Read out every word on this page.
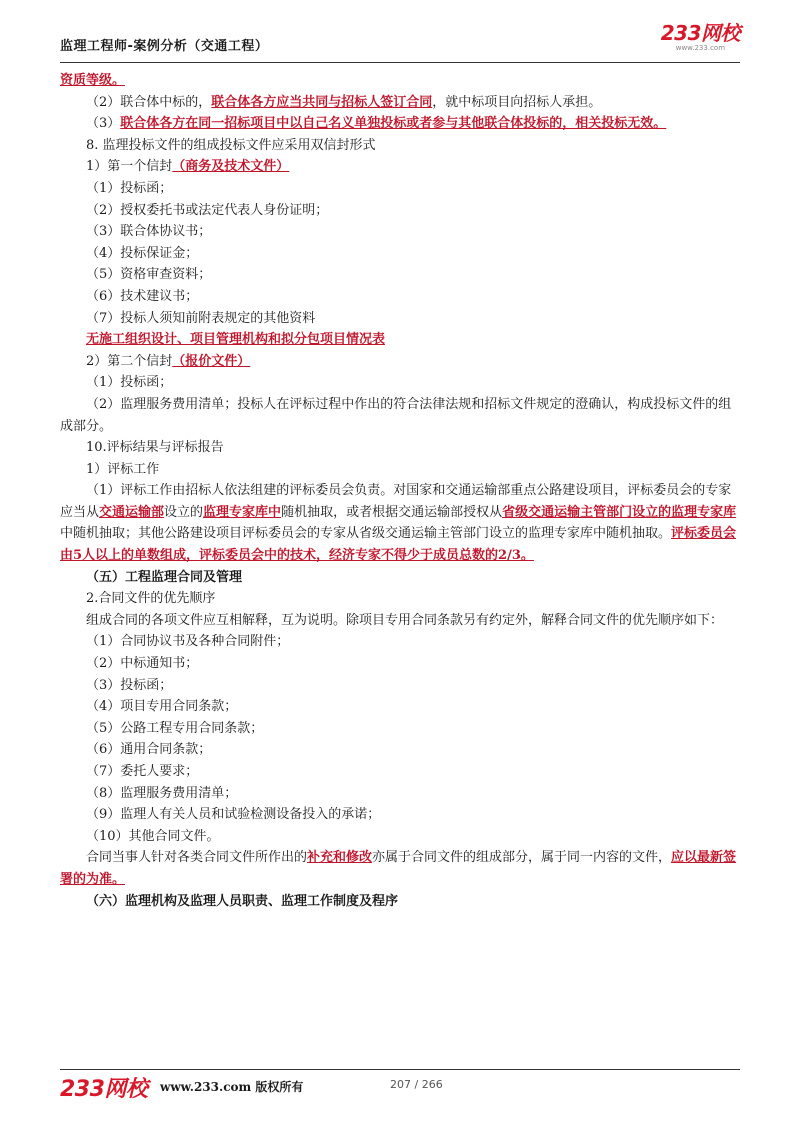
监理工程师-案例分析（交通工程）
233网校
www.233.com

资质等级。

（2）联合体中标的，联合体各方应当共同与招标人签订合同，就中标项目向招标人承担。

（3）联合体各方在同一招标项目中以自己名义单独投标或者参与其他联合体投标的，相关投标无效。

8. 监理投标文件的组成投标文件应采用双信封形式

1）第一个信封（商务及技术文件）

（1）投标函；

（2）授权委托书或法定代表人身份证明；

（3）联合体协议书；

（4）投标保证金；

（5）资格审查资料；

（6）技术建议书；

（7）投标人须知前附表规定的其他资料

无施工组织设计、项目管理机构和拟分包项目情况表

2）第二个信封（报价文件）

（1）投标函；

（2）监理服务费用清单；投标人在评标过程中作出的符合法律法规和招标文件规定的澄确认，构成投标文件的组成部分。

10.评标结果与评标报告

1）评标工作

（1）评标工作由招标人依法组建的评标委员会负责。对国家和交通运输部重点公路建设项目，评标委员会的专家应当从交通运输部设立的监理专家库中随机抽取，或者根据交通运输部授权从省级交通运输主管部门设立的监理专家库中随机抽取；其他公路建设项目评标委员会的专家从省级交通运输主管部门设立的监理专家库中随机抽取。评标委员会由5人以上的单数组成，评标委员会中的技术，经济专家不得少于成员总数的2/3。

（五）工程监理合同及管理

2.合同文件的优先顺序

组成合同的各项文件应互相解释，互为说明。除项目专用合同条款另有约定外，解释合同文件的优先顺序如下：

（1）合同协议书及各种合同附件；

（2）中标通知书；

（3）投标函；

（4）项目专用合同条款；

（5）公路工程专用合同条款；

（6）通用合同条款；

（7）委托人要求；

（8）监理服务费用清单；

（9）监理人有关人员和试验检测设备投入的承诺；

（10）其他合同文件。

合同当事人针对各类合同文件所作出的补充和修改亦属于合同文件的组成部分，属于同一内容的文件，应以最新签署的为准。

（六）监理机构及监理人员职责、监理工作制度及程序

233网校 www.233.com 版权所有	207 / 266
